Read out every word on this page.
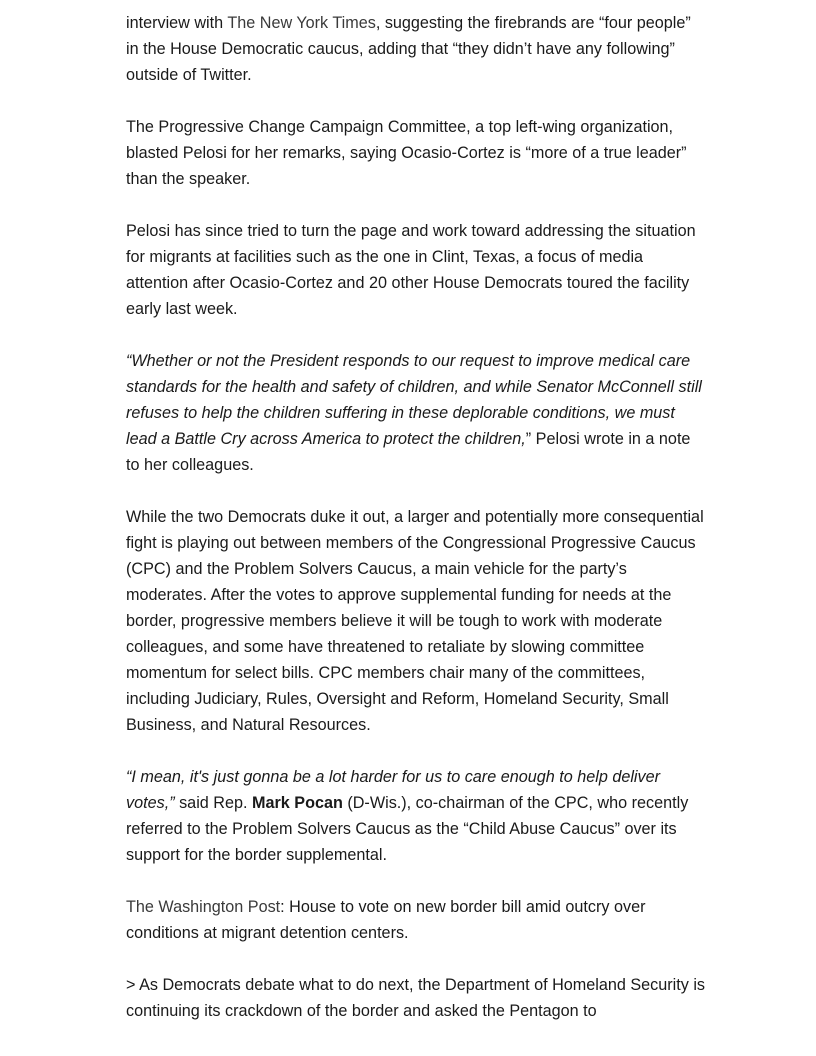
interview with The New York Times, suggesting the firebrands are “four people” in the House Democratic caucus, adding that “they didn’t have any following” outside of Twitter.

The Progressive Change Campaign Committee, a top left-wing organization, blasted Pelosi for her remarks, saying Ocasio-Cortez is “more of a true leader” than the speaker.

Pelosi has since tried to turn the page and work toward addressing the situation for migrants at facilities such as the one in Clint, Texas, a focus of media attention after Ocasio-Cortez and 20 other House Democrats toured the facility early last week.

“Whether or not the President responds to our request to improve medical care standards for the health and safety of children, and while Senator McConnell still refuses to help the children suffering in these deplorable conditions, we must lead a Battle Cry across America to protect the children,” Pelosi wrote in a note to her colleagues.

While the two Democrats duke it out, a larger and potentially more consequential fight is playing out between members of the Congressional Progressive Caucus (CPC) and the Problem Solvers Caucus, a main vehicle for the party’s moderates. After the votes to approve supplemental funding for needs at the border, progressive members believe it will be tough to work with moderate colleagues, and some have threatened to retaliate by slowing committee momentum for select bills. CPC members chair many of the committees, including Judiciary, Rules, Oversight and Reform, Homeland Security, Small Business, and Natural Resources.

“I mean, it's just gonna be a lot harder for us to care enough to help deliver votes,” said Rep. Mark Pocan (D-Wis.), co-chairman of the CPC, who recently referred to the Problem Solvers Caucus as the “Child Abuse Caucus” over its support for the border supplemental.

The Washington Post: House to vote on new border bill amid outcry over conditions at migrant detention centers.

> As Democrats debate what to do next, the Department of Homeland Security is continuing its crackdown of the border and asked the Pentagon to
